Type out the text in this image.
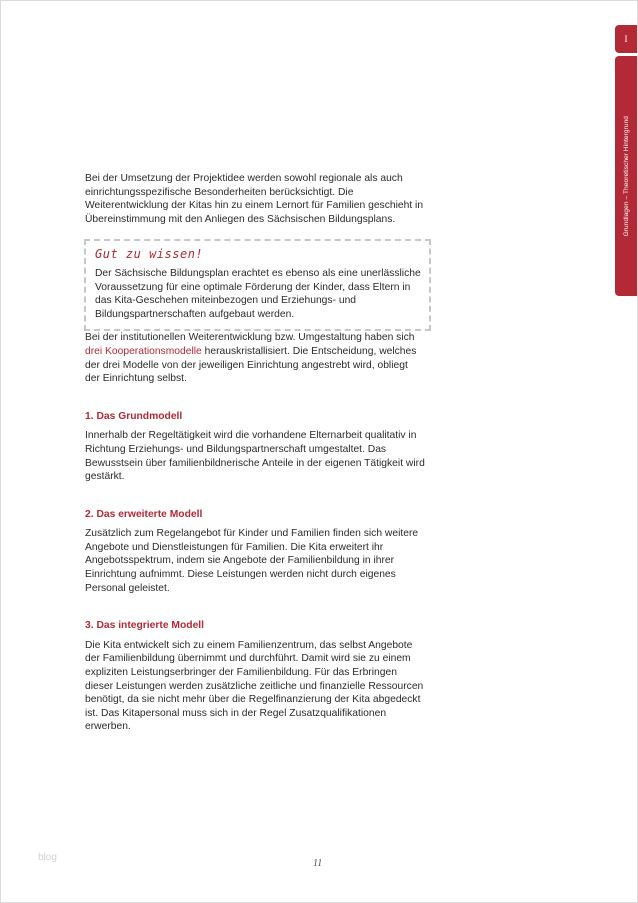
I
Grundlagen – Theoretischer Hintergrund

Bei der Umsetzung der Projektidee werden sowohl regionale als auch einrichtungsspezifische Besonderheiten berücksichtigt. Die Weiterentwicklung der Kitas hin zu einem Lernort für Familien geschieht in Übereinstimmung mit den Anliegen des Sächsischen Bildungsplans.

Gut zu wissen!

Der Sächsische Bildungsplan erachtet es ebenso als eine unerlässliche Voraussetzung für eine optimale Förderung der Kinder, dass Eltern in das Kita-Geschehen miteinbezogen und Erziehungs- und Bildungspartnerschaften aufgebaut werden.

Bei der institutionellen Weiterentwicklung bzw. Umgestaltung haben sich drei Kooperationsmodelle herauskristallisiert. Die Entscheidung, welches der drei Modelle von der jeweiligen Einrichtung angestrebt wird, obliegt der Einrichtung selbst.

1. Das Grundmodell

Innerhalb der Regeltätigkeit wird die vorhandene Elternarbeit qualitativ in Richtung Erziehungs- und Bildungspartnerschaft umgestaltet. Das Bewusstsein über familienbildnerische Anteile in der eigenen Tätigkeit wird gestärkt.

2. Das erweiterte Modell

Zusätzlich zum Regelangebot für Kinder und Familien finden sich weitere Angebote und Dienstleistungen für Familien. Die Kita erweitert ihr Angebotsspektrum, indem sie Angebote der Familienbildung in ihrer Einrichtung aufnimmt. Diese Leistungen werden nicht durch eigenes Personal geleistet.

3. Das integrierte Modell

Die Kita entwickelt sich zu einem Familienzentrum, das selbst Angebote der Familienbildung übernimmt und durchführt. Damit wird sie zu einem expliziten Leistungserbringer der Familienbildung. Für das Erbringen dieser Leistungen werden zusätzliche zeitliche und finanzielle Ressourcen benötigt, da sie nicht mehr über die Regelfinanzierung der Kita abgedeckt ist. Das Kitapersonal muss sich in der Regel Zusatzqualifikationen erwerben.

blog
11
